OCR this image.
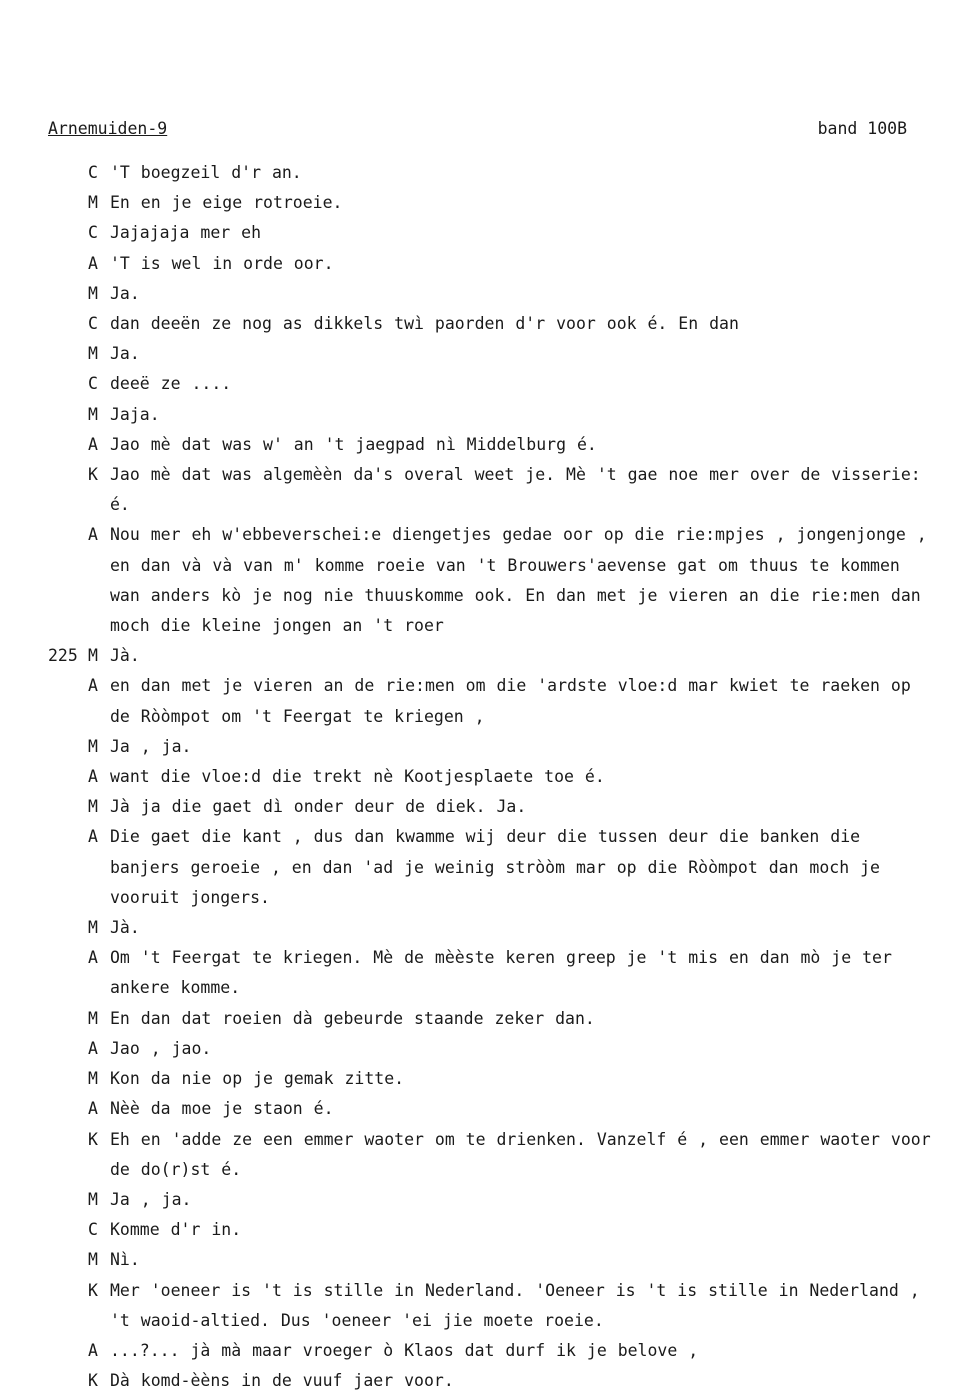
Arnemuiden-9	band 100B
C 'T boegzeil d'r an.
M En en je eige rotroeie.
C Jajajaja mer eh
A 'T is wel in orde oor.
M Ja.
C dan deeën ze nog as dikkels twì paorden d'r voor ook é. En dan
M Ja.
C deeë ze ....
M Jaja.
A Jao mè dat was w' an 't jaegpad nì Middelburg é.
K Jao mè dat was algemèèn da's overal weet je. Mè 't gae noe mer over de visserie: é.
A Nou mer eh w'ebbeverschei:e diengetjes gedae oor op die rie:mpjes , jongenjonge , en dan và và van m' komme roeie van 't Brouwers'aevense gat om thuus te kommen wan anders kò je nog nie thuuskomme ook. En dan met je vieren an die rie:men dan moch die kleine jongen an 't roer
225 M Jà.
A en dan met je vieren an de rie:men om die 'ardste vloe:d mar kwiet te raeken op de Ròòmpot om 't Feergat te kriegen ,
M Ja , ja.
A want die vloe:d die trekt nè Kootjesplaete toe é.
M Jà ja die gaet dì onder deur de diek. Ja.
A Die gaet die kant , dus dan kwamme wij deur die tussen deur die banken die banjers geroeie , en dan 'ad je weinig stròòm mar op die Ròòmpot dan moch je vooruit jongers.
M Jà.
A Om 't Feergat te kriegen. Mè de mèèste keren greep je 't mis en dan mò je ter ankere komme.
M En dan dat roeien dà gebeurde staande zeker dan.
A Jao , jao.
M Kon da nie op je gemak zitte.
A Nèè da moe je staon é.
K Eh en 'adde ze een emmer waoter om te drienken. Vanzelf é , een emmer waoter voor de do(r)st é.
M Ja , ja.
C Komme d'r in.
M Nì.
K Mer 'oeneer is 't is stille in Nederland. 'Oeneer is 't is stille in Nederland , 't waoid-altied. Dus 'oeneer 'ei jie moete roeie.
A ...?... jà mà maar vroeger ò Klaos dat durf ik je belove ,
K Dà komd-èèns in de vuuf jaer voor.
